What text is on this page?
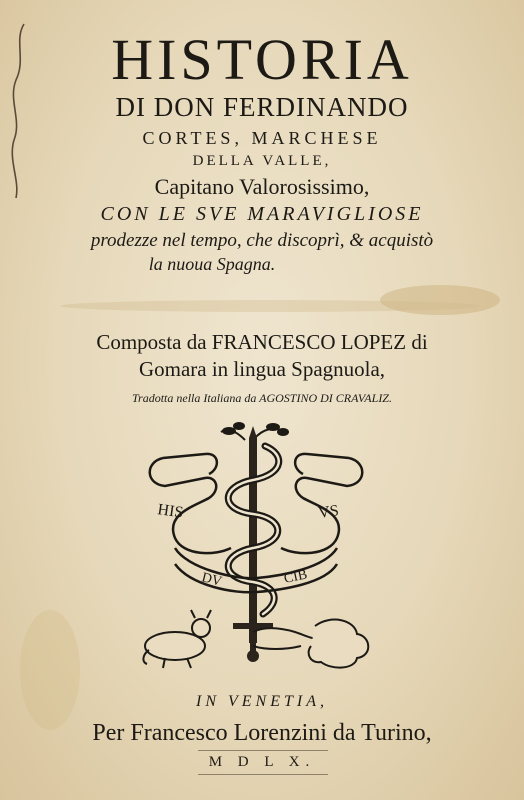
HISTORIA
DI DON FERDINANDO
CORTES, MARCHESE
DELLA VALLE,
Capitano Valorosissimo,
CON LE SVE MARAVIGLIOSE
prodezze nel tempo, che discoprì, & acquistò
la nuoua Spagna.
Composta da FRANCESCO LOPEZ di
Gomara in lingua Spagnuola,
Tradotta nella Italiana da AGOSTINO DI CRAVALIZ.
HIS	VS
DV	CIB
IN VENETIA,
Per Francesco Lorenzini da Turino,
M D L X.
